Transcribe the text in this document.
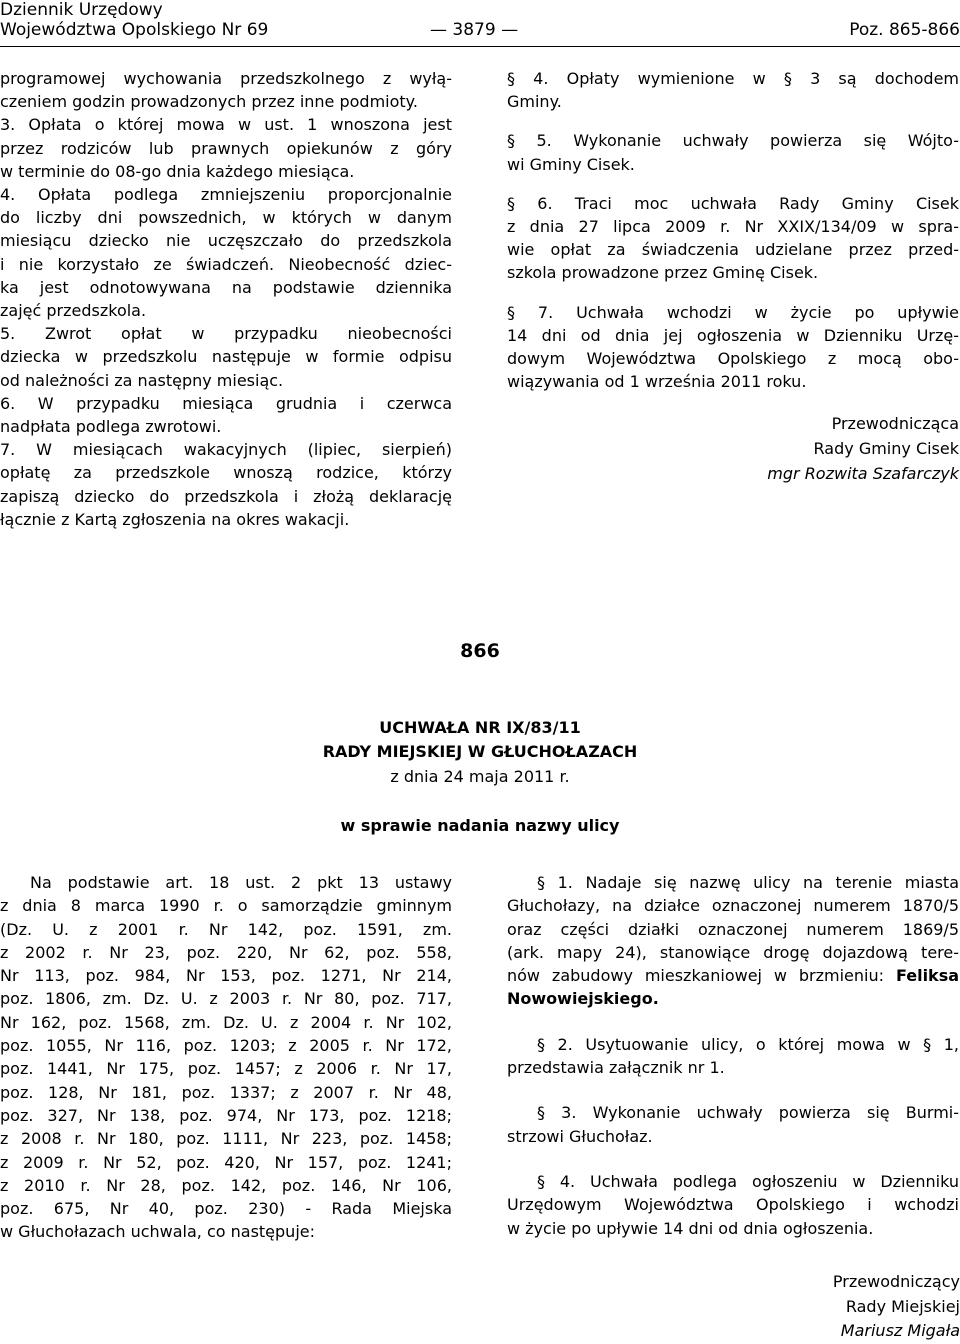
Dziennik Urzędowy
Województwa Opolskiego Nr 69	— 3879 —	Poz. 865-866
programowej wychowania przedszkolnego z wyłą-
czeniem godzin prowadzonych przez inne podmioty.
3. Opłata o której mowa w ust. 1 wnoszona jest
przez rodziców lub prawnych opiekunów z góry
w terminie do 08-go dnia każdego miesiąca.
4. Opłata podlega zmniejszeniu proporcjonalnie
do liczby dni powszednich, w których w danym
miesiącu dziecko nie uczęszczało do przedszkola
i nie korzystało ze świadczeń. Nieobecność dziec-
ka jest odnotowywana na podstawie dziennika
zajęć przedszkola.
5. Zwrot opłat w przypadku nieobecności
dziecka w przedszkolu następuje w formie odpisu
od należności za następny miesiąc.
6. W przypadku miesiąca grudnia i czerwca
nadpłata podlega zwrotowi.
7. W miesiącach wakacyjnych (lipiec, sierpień)
opłatę za przedszkole wnoszą rodzice, którzy
zapiszą dziecko do przedszkola i złożą deklarację
łącznie z Kartą zgłoszenia na okres wakacji.

§ 4. Opłaty wymienione w § 3 są dochodem
Gminy.

§ 5. Wykonanie uchwały powierza się Wójto-
wi Gminy Cisek.

§ 6. Traci moc uchwała Rady Gminy Cisek
z dnia 27 lipca 2009 r. Nr XXIX/134/09 w spra-
wie opłat za świadczenia udzielane przez przed-
szkola prowadzone przez Gminę Cisek.

§ 7. Uchwała wchodzi w życie po upływie
14 dni od dnia jej ogłoszenia w Dzienniku Urzę-
dowym Województwa Opolskiego z mocą obo-
wiązywania od 1 września 2011 roku.

Przewodnicząca
Rady Gminy Cisek
mgr Rozwita Szafarczyk
866
UCHWAŁA NR IX/83/11
RADY MIEJSKIEJ W GŁUCHOŁAZACH
z dnia 24 maja 2011 r.
w sprawie nadania nazwy ulicy
Na podstawie art. 18 ust. 2 pkt 13 ustawy
z dnia 8 marca 1990 r. o samorządzie gminnym
(Dz. U. z 2001 r. Nr 142, poz. 1591, zm.
z 2002 r. Nr 23, poz. 220, Nr 62, poz. 558,
Nr 113, poz. 984, Nr 153, poz. 1271, Nr 214,
poz. 1806, zm. Dz. U. z 2003 r. Nr 80, poz. 717,
Nr 162, poz. 1568, zm. Dz. U. z 2004 r. Nr 102,
poz. 1055, Nr 116, poz. 1203; z 2005 r. Nr 172,
poz. 1441, Nr 175, poz. 1457; z 2006 r. Nr 17,
poz. 128, Nr 181, poz. 1337; z 2007 r. Nr 48,
poz. 327, Nr 138, poz. 974, Nr 173, poz. 1218;
z 2008 r. Nr 180, poz. 1111, Nr 223, poz. 1458;
z 2009 r. Nr 52, poz. 420, Nr 157, poz. 1241;
z 2010 r. Nr 28, poz. 142, poz. 146, Nr 106,
poz. 675, Nr 40, poz. 230) - Rada Miejska
w Głuchołazach uchwala, co następuje:

§ 1. Nadaje się nazwę ulicy na terenie miasta
Głuchołazy, na działce oznaczonej numerem 1870/5
oraz części działki oznaczonej numerem 1869/5
(ark. mapy 24), stanowiące drogę dojazdową tere-
nów zabudowy mieszkaniowej w brzmieniu: Feliksa
Nowowiejskiego.

§ 2. Usytuowanie ulicy, o której mowa w § 1,
przedstawia załącznik nr 1.

§ 3. Wykonanie uchwały powierza się Burmi-
strzowi Głuchołaz.

§ 4. Uchwała podlega ogłoszeniu w Dzienniku
Urzędowym Województwa Opolskiego i wchodzi
w życie po upływie 14 dni od dnia ogłoszenia.

Przewodniczący
Rady Miejskiej
Mariusz Migała
